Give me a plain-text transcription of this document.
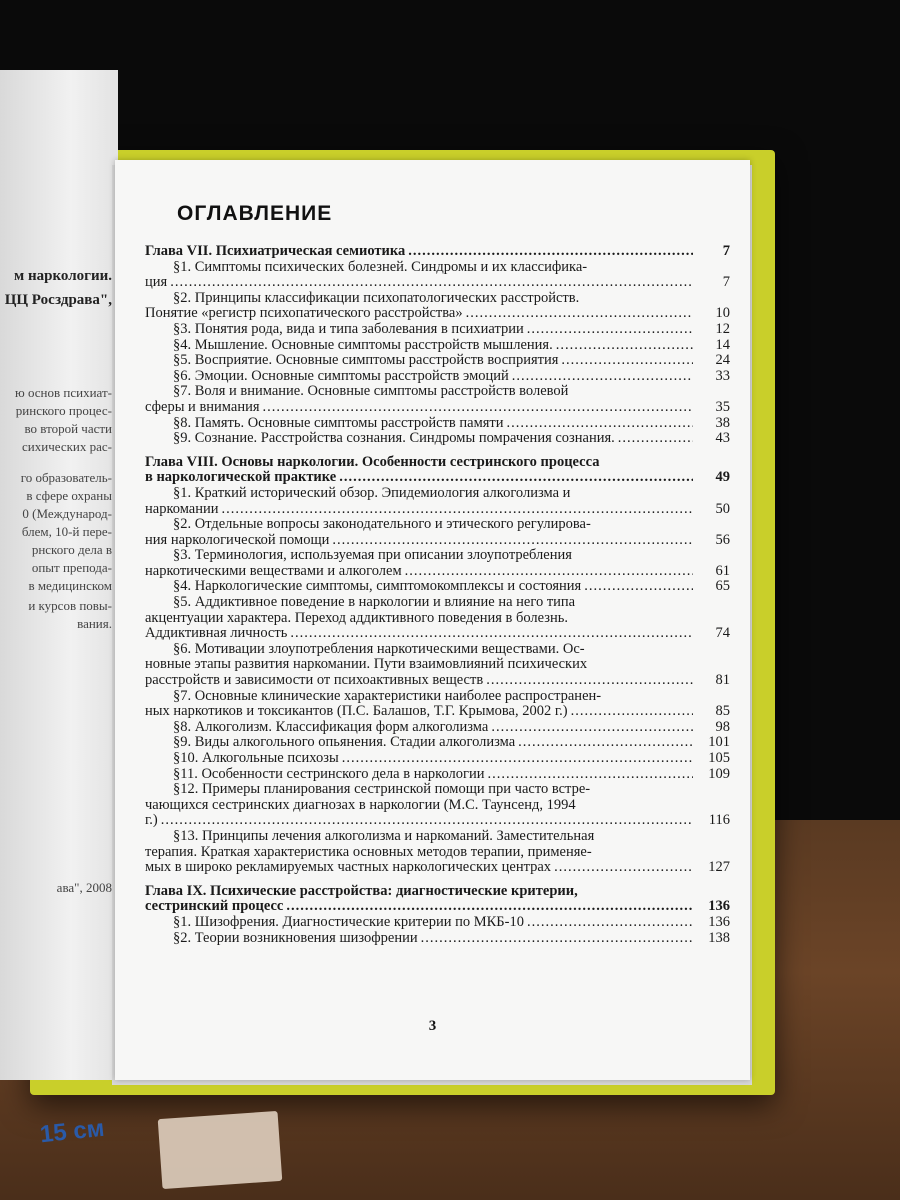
м наркологии.
ЦЦ Росздрава",
ю основ психиат-
ринского процес-
во второй части
сихических рас-
го образователь-
в сфере охраны
0 (Международ-
блем, 10-й пере-
рнского дела в
опыт препода-
в медицинском
и курсов повы-
вания.
ава", 2008
ОГЛАВЛЕНИЕ
Глава VII. Психиатрическая семиотика .....	7
§1. Симптомы психических болезней. Синдромы и их классифика-
ция .....	7
§2. Принципы классификации психопатологических расстройств.
Понятие «регистр психопатического расстройства» .....	10
§3. Понятия рода, вида и типа заболевания в психиатрии .....	12
§4. Мышление. Основные симптомы расстройств мышления. .....	14
§5. Восприятие. Основные симптомы расстройств восприятия .....	24
§6. Эмоции. Основные симптомы расстройств эмоций .....	33
§7. Воля и внимание. Основные симптомы расстройств волевой
сферы и внимания .....	35
§8. Память. Основные симптомы расстройств памяти .....	38
§9. Сознание. Расстройства сознания. Синдромы помрачения сознания. .....	43
Глава VIII. Основы наркологии. Особенности сестринского процесса
в наркологической практике .....	49
§1. Краткий исторический обзор. Эпидемиология алкоголизма и
наркомании .....	50
§2. Отдельные вопросы законодательного и этического регулирова-
ния наркологической помощи .....	56
§3. Терминология, используемая при описании злоупотребления
наркотическими веществами и алкоголем .....	61
§4. Наркологические симптомы, симптомокомплексы и состояния .....	65
§5. Аддиктивное поведение в наркологии и влияние на него типа
акцентуации характера. Переход аддиктивного поведения в болезнь.
Аддиктивная личность .....	74
§6. Мотивации злоупотребления наркотическими веществами. Ос-
новные этапы развития наркомании. Пути взаимовлияний психических
расстройств и зависимости от психоактивных веществ .....	81
§7. Основные клинические характеристики наиболее распространен-
ных наркотиков и токсикантов (П.С. Балашов, Т.Г. Крымова, 2002 г.) .....	85
§8. Алкоголизм. Классификация форм алкоголизма .....	98
§9. Виды алкогольного опьянения. Стадии алкоголизма .....	101
§10. Алкогольные психозы .....	105
§11. Особенности сестринского дела в наркологии .....	109
§12. Примеры планирования сестринской помощи при часто встре-
чающихся сестринских диагнозах в наркологии (М.С. Таунсенд, 1994
г.) .....	116
§13. Принципы лечения алкоголизма и наркоманий. Заместительная
терапия. Краткая характеристика основных методов терапии, применяе-
мых в широко рекламируемых частных наркологических центрах .....	127
Глава IX. Психические расстройства: диагностические критерии,
сестринский процесс .....	136
§1. Шизофрения. Диагностические критерии по МКБ-10 .....	136
§2. Теории возникновения шизофрении .....	138
3
15 см
